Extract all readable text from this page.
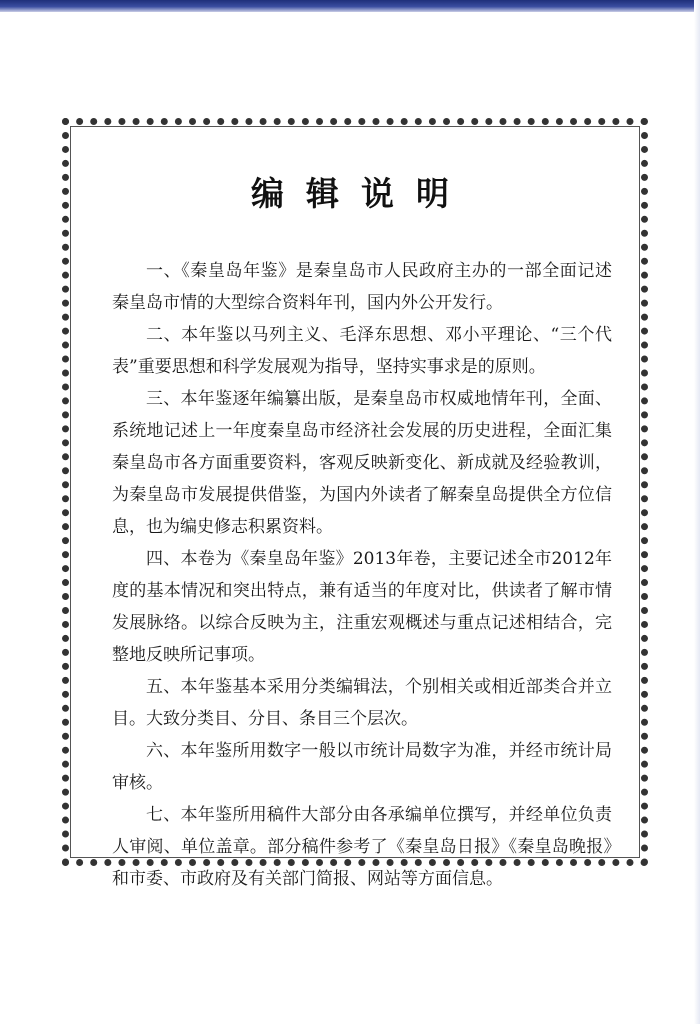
编辑说明

一、《秦皇岛年鉴》是秦皇岛市人民政府主办的一部全面记述秦皇岛市情的大型综合资料年刊，国内外公开发行。

二、本年鉴以马列主义、毛泽东思想、邓小平理论、“三个代表”重要思想和科学发展观为指导，坚持实事求是的原则。

三、本年鉴逐年编纂出版，是秦皇岛市权威地情年刊，全面、系统地记述上一年度秦皇岛市经济社会发展的历史进程，全面汇集秦皇岛市各方面重要资料，客观反映新变化、新成就及经验教训，为秦皇岛市发展提供借鉴，为国内外读者了解秦皇岛提供全方位信息，也为编史修志积累资料。

四、本卷为《秦皇岛年鉴》2013年卷，主要记述全市2012年度的基本情况和突出特点，兼有适当的年度对比，供读者了解市情发展脉络。以综合反映为主，注重宏观概述与重点记述相结合，完整地反映所记事项。

五、本年鉴基本采用分类编辑法，个别相关或相近部类合并立目。大致分类目、分目、条目三个层次。

六、本年鉴所用数字一般以市统计局数字为准，并经市统计局审核。

七、本年鉴所用稿件大部分由各承编单位撰写，并经单位负责人审阅、单位盖章。部分稿件参考了《秦皇岛日报》《秦皇岛晚报》和市委、市政府及有关部门简报、网站等方面信息。
